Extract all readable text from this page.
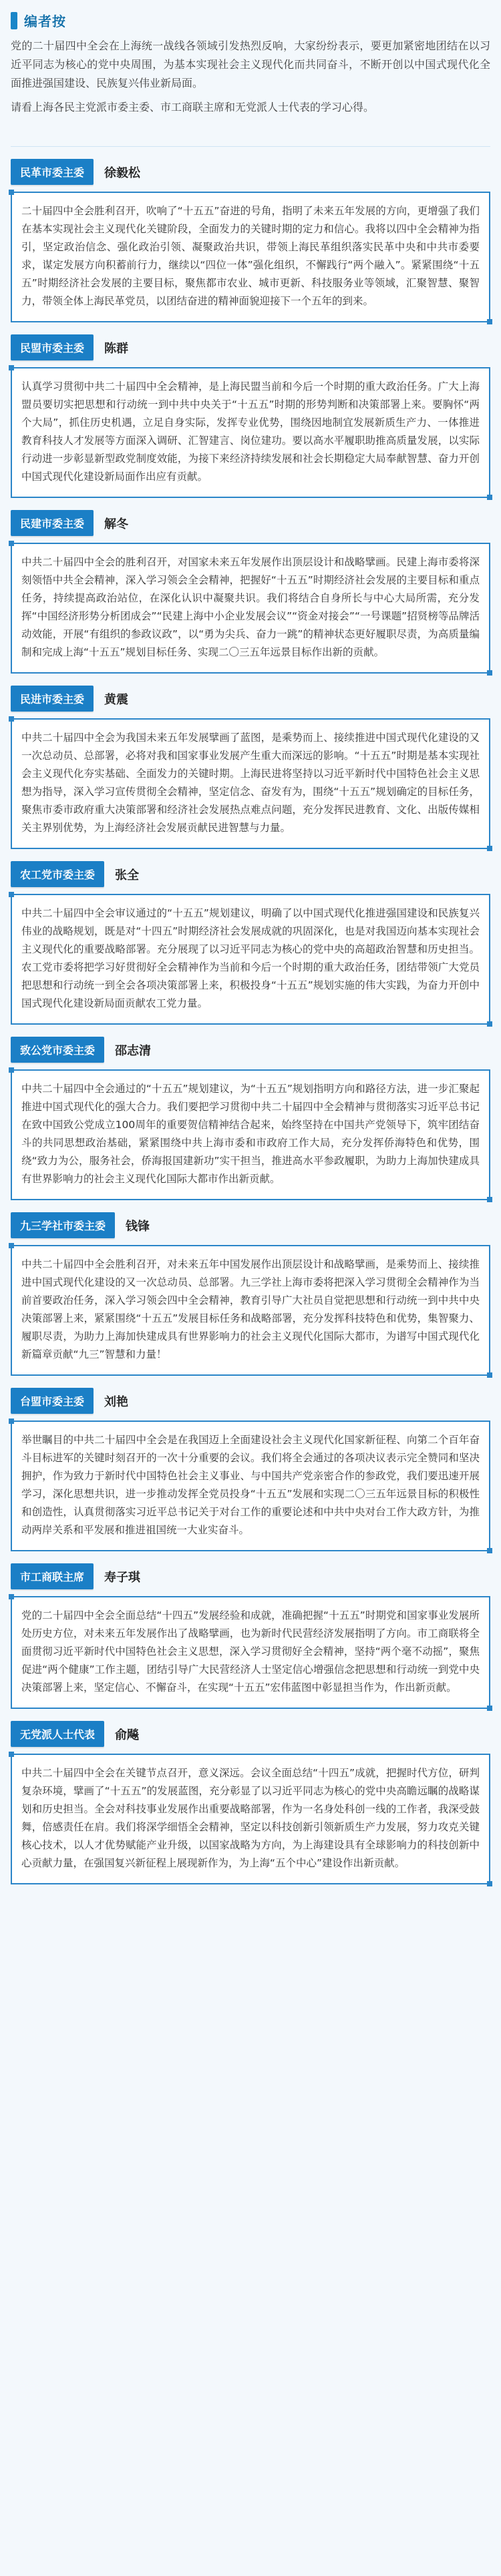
编者按

党的二十届四中全会在上海统一战线各领域引发热烈反响，大家纷纷表示，要更加紧密地团结在以习近平同志为核心的党中央周围，为基本实现社会主义现代化而共同奋斗，不断开创以中国式现代化全面推进强国建设、民族复兴伟业新局面。

请看上海各民主党派市委主委、市工商联主席和无党派人士代表的学习心得。

民革市委主委	徐毅松

二十届四中全会胜利召开，吹响了“十五五”奋进的号角，指明了未来五年发展的方向，更增强了我们在基本实现社会主义现代化关键阶段，全面发力的关键时期的定力和信心。我将以四中全会精神为指引，坚定政治信念、强化政治引领、凝聚政治共识，带领上海民革组织落实民革中央和中共市委要求，谋定发展方向积蓄前行力，继续以“四位一体”强化组织，不懈践行“两个融入”。紧紧围绕“十五五”时期经济社会发展的主要目标，聚焦都市农业、城市更新、科技服务业等领域，汇聚智慧、聚智力，带领全体上海民革党员，以团结奋进的精神面貌迎接下一个五年的到来。

民盟市委主委	陈群

认真学习贯彻中共二十届四中全会精神，是上海民盟当前和今后一个时期的重大政治任务。广大上海盟员要切实把思想和行动统一到中共中央关于“十五五”时期的形势判断和决策部署上来。要胸怀“两个大局”，抓住历史机遇，立足自身实际，发挥专业优势，围绕因地制宜发展新质生产力、一体推进教育科技人才发展等方面深入调研、汇智建言、岗位建功。要以高水平履职助推高质量发展，以实际行动进一步彰显新型政党制度效能，为接下来经济持续发展和社会长期稳定大局奉献智慧、奋力开创中国式现代化建设新局面作出应有贡献。

民建市委主委	解冬

中共二十届四中全会的胜利召开，对国家未来五年发展作出顶层设计和战略擘画。民建上海市委将深刻领悟中共全会精神，深入学习领会全会精神，把握好“十五五”时期经济社会发展的主要目标和重点任务，持续提高政治站位，在深化认识中凝聚共识。我们将结合自身所长与中心大局所需，充分发挥“中国经济形势分析团成会”“民建上海中小企业发展会议”“资金对接会”“一号课题”招贤榜等品牌活动效能，开展“有组织的参政议政”，以“勇为尖兵、奋力一跳”的精神状态更好履职尽责，为高质量编制和完成上海“十五五”规划目标任务、实现二〇三五年远景目标作出新的贡献。

民进市委主委	黄震

中共二十届四中全会为我国未来五年发展擘画了蓝图，是乘势而上、接续推进中国式现代化建设的又一次总动员、总部署，必将对我和国家事业发展产生重大而深远的影响。“十五五”时期是基本实现社会主义现代化夯实基础、全面发力的关键时期。上海民进将坚持以习近平新时代中国特色社会主义思想为指导，深入学习宣传贯彻全会精神，坚定信念、奋发有为，围绕“十五五”规划确定的目标任务，聚焦市委市政府重大决策部署和经济社会发展热点难点问题，充分发挥民进教育、文化、出版传媒相关主界别优势，为上海经济社会发展贡献民进智慧与力量。

农工党市委主委	张全

中共二十届四中全会审议通过的“十五五”规划建议，明确了以中国式现代化推进强国建设和民族复兴伟业的战略规划，既是对“十四五”时期经济社会发展成就的巩固深化，也是对我国迈向基本实现社会主义现代化的重要战略部署。充分展现了以习近平同志为核心的党中央的高超政治智慧和历史担当。农工党市委将把学习好贯彻好全会精神作为当前和今后一个时期的重大政治任务，团结带领广大党员把思想和行动统一到全会各项决策部署上来，积极投身“十五五”规划实施的伟大实践，为奋力开创中国式现代化建设新局面贡献农工党力量。

致公党市委主委	邵志清

中共二十届四中全会通过的“十五五”规划建议，为“十五五”规划指明方向和路径方法，进一步汇聚起推进中国式现代化的强大合力。我们要把学习贯彻中共二十届四中全会精神与贯彻落实习近平总书记在致中国致公党成立100周年的重要贺信精神结合起来，始终坚持在中国共产党领导下，筑牢团结奋斗的共同思想政治基础，紧紧围绕中共上海市委和市政府工作大局，充分发挥侨海特色和优势，围绕“致力为公，服务社会，侨海报国建新功”实干担当，推进高水平参政履职，为助力上海加快建成具有世界影响力的社会主义现代化国际大都市作出新贡献。

九三学社市委主委	钱锋

中共二十届四中全会胜利召开，对未来五年中国发展作出顶层设计和战略擘画，是乘势而上、接续推进中国式现代化建设的又一次总动员、总部署。九三学社上海市委将把深入学习贯彻全会精神作为当前首要政治任务，深入学习领会四中全会精神，教育引导广大社员自觉把思想和行动统一到中共中央决策部署上来，紧紧围绕“十五五”发展目标任务和战略部署，充分发挥科技特色和优势，集智聚力、履职尽责，为助力上海加快建成具有世界影响力的社会主义现代化国际大都市，为谱写中国式现代化新篇章贡献“九三”智慧和力量！

台盟市委主委	刘艳

举世瞩目的中共二十届四中全会是在我国迈上全面建设社会主义现代化国家新征程、向第二个百年奋斗目标进军的关键时刻召开的一次十分重要的会议。我们将全会通过的各项决议表示完全赞同和坚决拥护，作为致力于新时代中国特色社会主义事业、与中国共产党亲密合作的参政党，我们要迅速开展学习，深化思想共识，进一步推动发挥全党员投身“十五五”发展和实现二〇三五年远景目标的积极性和创造性，认真贯彻落实习近平总书记关于对台工作的重要论述和中共中央对台工作大政方针，为推动两岸关系和平发展和推进祖国统一大业实奋斗。

市工商联主席	寿子琪

党的二十届四中全会全面总结“十四五”发展经验和成就，准确把握“十五五”时期党和国家事业发展所处历史方位，对未来五年发展作出了战略擘画，也为新时代民营经济发展指明了方向。市工商联将全面贯彻习近平新时代中国特色社会主义思想，深入学习贯彻好全会精神，坚持“两个毫不动摇”，聚焦促进“两个健康”工作主题，团结引导广大民营经济人士坚定信心增强信念把思想和行动统一到党中央决策部署上来，坚定信心、不懈奋斗，在实现“十五五”宏伟蓝图中彰显担当作为，作出新贡献。

无党派人士代表	俞飚

中共二十届四中全会在关键节点召开，意义深远。会议全面总结“十四五”成就，把握时代方位，研判复杂环境，擘画了“十五五”的发展蓝图，充分彰显了以习近平同志为核心的党中央高瞻远瞩的战略谋划和历史担当。全会对科技事业发展作出重要战略部署，作为一名身处科创一线的工作者，我深受鼓舞，倍感责任在肩。我们将深学细悟全会精神，坚定以科技创新引领新质生产力发展，努力攻克关键核心技术，以人才优势赋能产业升级，以国家战略为方向，为上海建设具有全球影响力的科技创新中心贡献力量，在强国复兴新征程上展现新作为，为上海“五个中心”建设作出新贡献。
